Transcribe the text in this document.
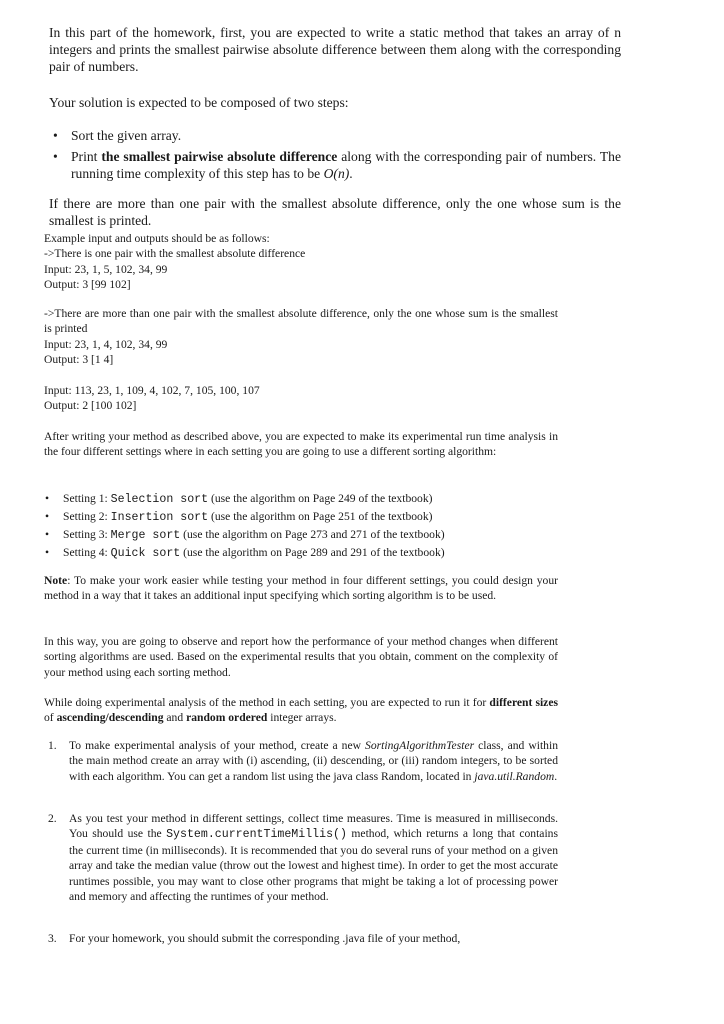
In this part of the homework, first, you are expected to write a static method that takes an array of n integers and prints the smallest pairwise absolute difference between them along with the corresponding pair of numbers.

Your solution is expected to be composed of two steps:

• Sort the given array.
• Print the smallest pairwise absolute difference along with the corresponding pair of numbers. The running time complexity of this step has to be O(n).

If there are more than one pair with the smallest absolute difference, only the one whose sum is the smallest is printed.

Example input and outputs should be as follows:

->There is one pair with the smallest absolute difference

Input: 23, 1, 5, 102, 34, 99

Output: 3 [99 102]

->There are more than one pair with the smallest absolute difference, only the one whose sum is the smallest is printed

Input: 23, 1, 4, 102, 34, 99

Output: 3 [1 4]

Input: 113, 23, 1, 109, 4, 102, 7, 105, 100, 107

Output: 2 [100 102]

After writing your method as described above, you are expected to make its experimental run time analysis in the four different settings where in each setting you are going to use a different sorting algorithm:

• Setting 1: Selection sort (use the algorithm on Page 249 of the textbook)
• Setting 2: Insertion sort (use the algorithm on Page 251 of the textbook)
• Setting 3: Merge sort (use the algorithm on Page 273 and 271 of the textbook)
• Setting 4: Quick sort (use the algorithm on Page 289 and 291 of the textbook)

Note: To make your work easier while testing your method in four different settings, you could design your method in a way that it takes an additional input specifying which sorting algorithm is to be used.

In this way, you are going to observe and report how the performance of your method changes when different sorting algorithms are used. Based on the experimental results that you obtain, comment on the complexity of your method using each sorting method.

While doing experimental analysis of the method in each setting, you are expected to run it for different sizes of ascending/descending and random ordered integer arrays.

1. To make experimental analysis of your method, create a new SortingAlgorithmTester class, and within the main method create an array with (i) ascending, (ii) descending, or (iii) random integers, to be sorted with each algorithm. You can get a random list using the java class Random, located in java.util.Random.
2. As you test your method in different settings, collect time measures. Time is measured in milliseconds. You should use the System.currentTimeMillis() method, which returns a long that contains the current time (in milliseconds). It is recommended that you do several runs of your method on a given array and take the median value (throw out the lowest and highest time). In order to get the most accurate runtimes possible, you may want to close other programs that might be taking a lot of processing power and memory and affecting the runtimes of your method.
3. For your homework, you should submit the corresponding .java file of your method,
